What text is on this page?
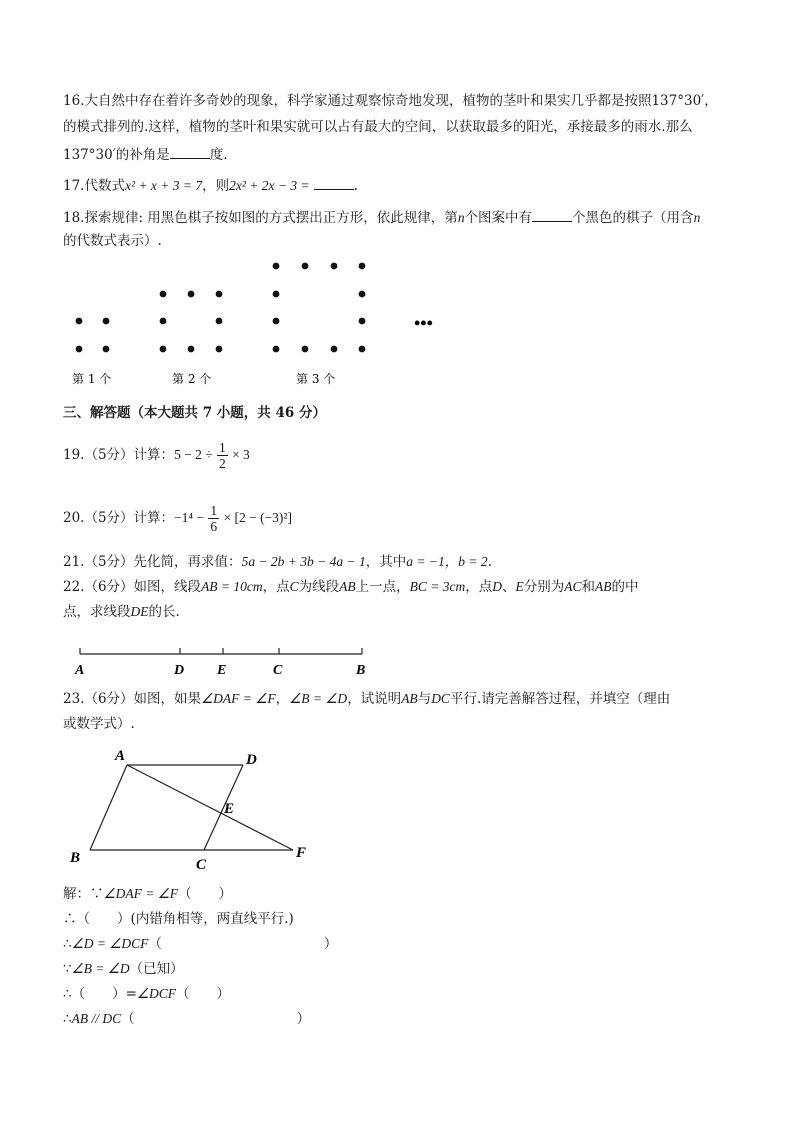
16.大自然中存在着许多奇妙的现象，科学家通过观察惊奇地发现，植物的茎叶和果实几乎都是按照137°30′，
的模式排列的.这样，植物的茎叶和果实就可以占有最大的空间，以获取最多的阳光，承接最多的雨水.那么
137°30′的补角是	度.
17.代数式x² + x + 3 = 7，则2x² + 2x − 3 =	.
18.探索规律: 用黑色棋子按如图的方式摆出正方形，依此规律，第n个图案中有	个黑色的棋子（用含n
的代数式表示）.
•••
第 1 个	第 2 个	第 3 个
三、解答题（本大题共 7 小题，共 46 分）
19.（5分）计算：$5 - 2 \div \frac{1}{2} \times 3$
20.（5分）计算：$-1^4 - \frac{1}{6} \times [2 - (-3)^2]$
21.（5分）先化简，再求值：5a − 2b + 3b − 4a − 1，其中a = −1，b = 2.
22.（6分）如图，线段AB = 10cm，点C为线段AB上一点，BC = 3cm，点D、E分别为AC和AB的中
点，求线段DE的长.
A	D E	C	B
23.（6分）如图，如果∠DAF = ∠F，∠B = ∠D，试说明AB与DC平行.请完善解答过程，并填空（理由
或数学式）.
A	D
E
B	C
F
解：∵∠DAF = ∠F（　　）
∴（　　）(内错角相等，两直线平行.)
∴∠D = ∠DCF（　　　　　　　　　　　　）
∵∠B = ∠D（已知）
∴（　　）=∠DCF（　　）
∴AB // DC（　　　　　　　　　　　　）
